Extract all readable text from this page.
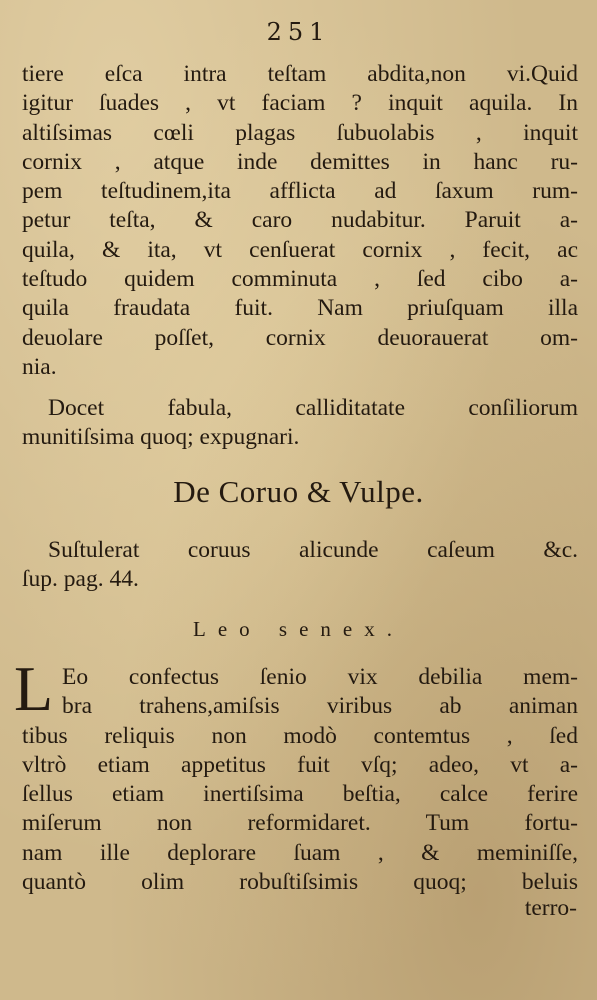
251
tiere eſca intra teſtam abdita,non vi.Quid
igitur ſuades , vt faciam ? inquit aquila. In
altiſsimas cœli plagas ſubuolabis , inquit
cornix , atque inde demittes in hanc ru-
pem teſtudinem,ita afflicta ad ſaxum rum-
petur teſta, & caro nudabitur. Paruit a-
quila, & ita, vt cenſuerat cornix , fecit, ac
teſtudo quidem comminuta , ſed cibo a-
quila fraudata fuit. Nam priuſquam illa
deuolare poſſet, cornix deuorauerat om-
nia.
Docet fabula, calliditatate conſiliorum
munitiſsima quoq; expugnari.
De Coruo & Vulpe.
Suſtulerat coruus alicunde caſeum &c.
ſup. pag. 44.
Leo senex.
L Eo confectus ſenio vix debilia mem-
bra trahens,amiſsis viribus ab animan
tibus reliquis non modò contemtus , ſed
vltrò etiam appetitus fuit vſq; adeo, vt a-
ſellus etiam inertiſsima beſtia, calce ferire
miſerum non reformidaret. Tum fortu-
nam ille deplorare ſuam , & meminiſſe,
quantò olim robuſtiſsimis quoq; beluis
terro-
